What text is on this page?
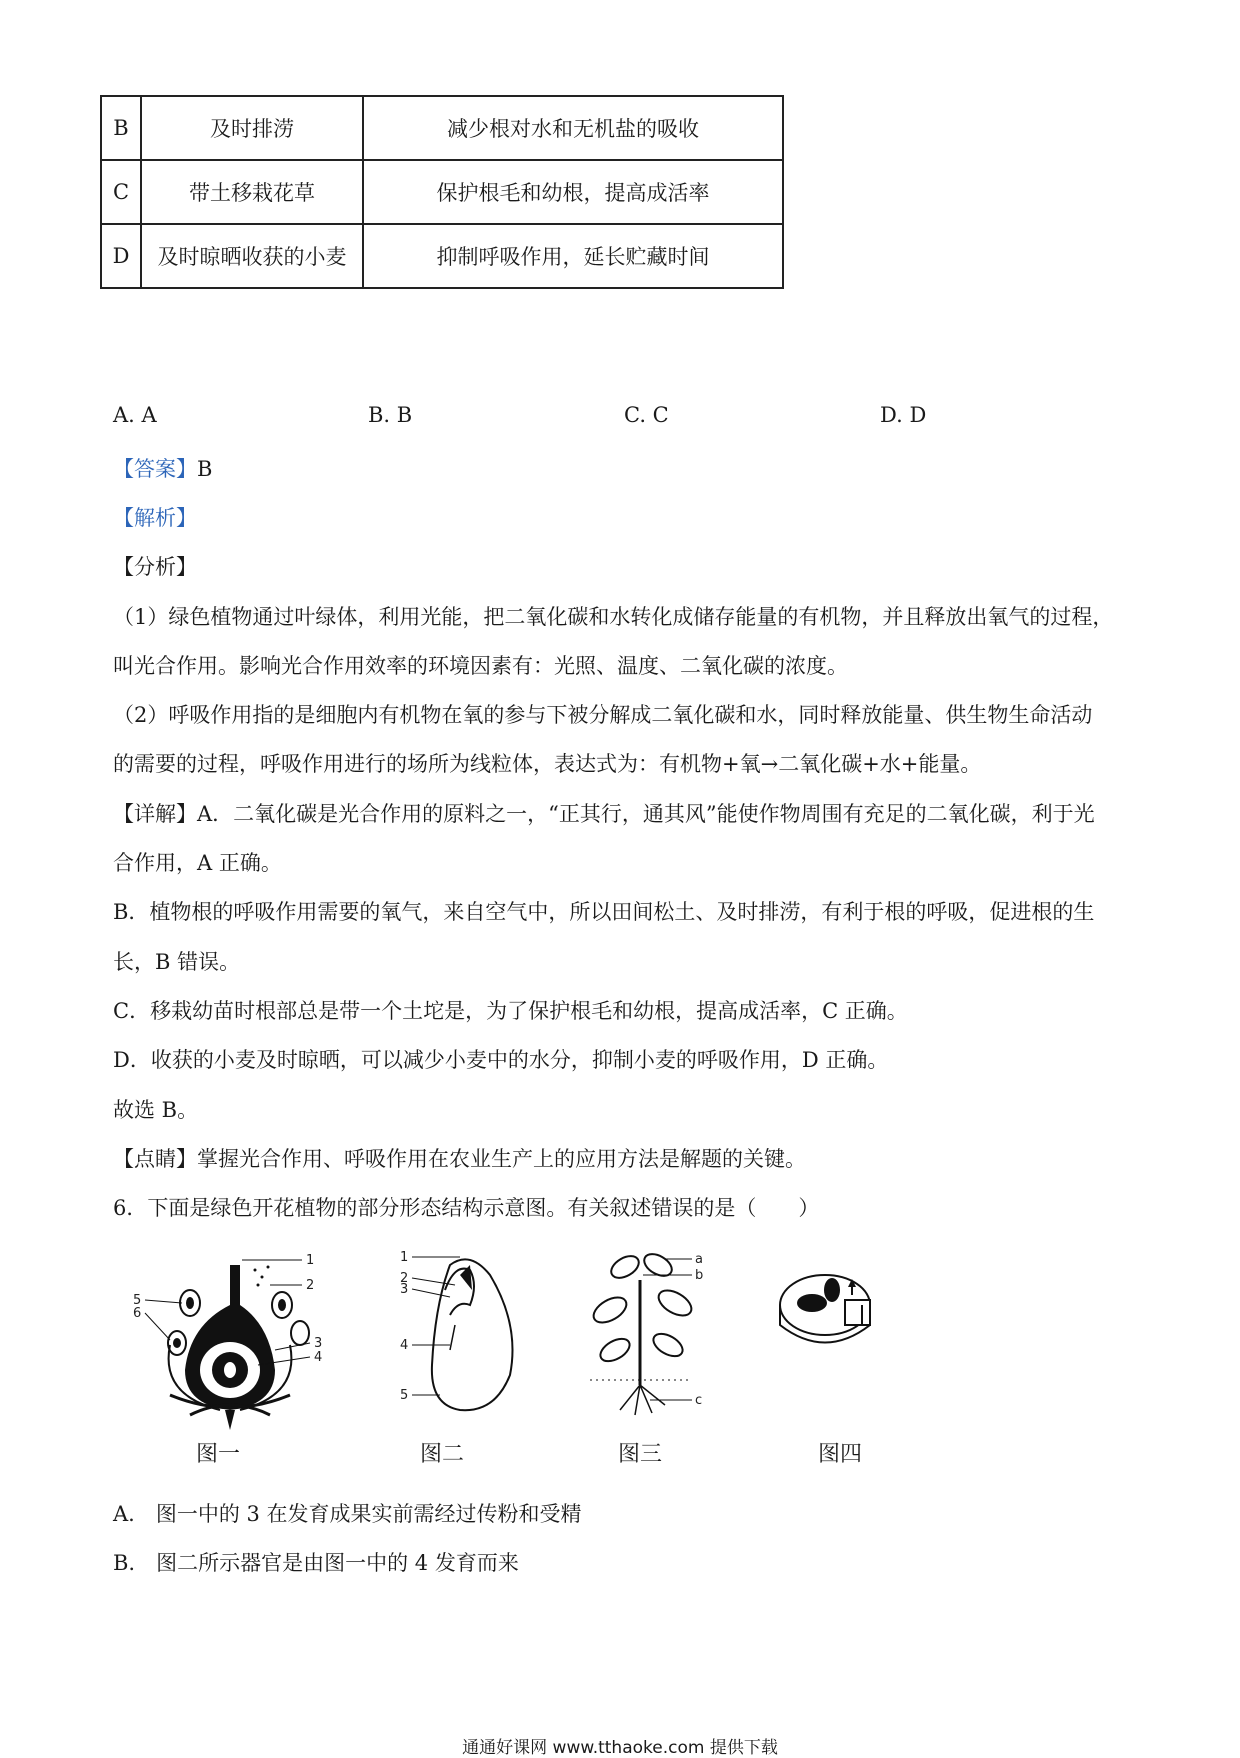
B	及时排涝	减少根对水和无机盐的吸收
C	带土移栽花草	保护根毛和幼根，提高成活率
D	及时晾晒收获的小麦	抑制呼吸作用，延长贮藏时间
A. A	B. B	C. C	D. D
【答案】B
【解析】
【分析】
（1）绿色植物通过叶绿体，利用光能，把二氧化碳和水转化成储存能量的有机物，并且释放出氧气的过程，
叫光合作用。影响光合作用效率的环境因素有：光照、温度、二氧化碳的浓度。
（2）呼吸作用指的是细胞内有机物在氧的参与下被分解成二氧化碳和水，同时释放能量、供生物生命活动
的需要的过程，呼吸作用进行的场所为线粒体，表达式为：有机物+氧→二氧化碳+水+能量。
【详解】A．二氧化碳是光合作用的原料之一，“正其行，通其风”能使作物周围有充足的二氧化碳，利于光
合作用，A 正确。
B．植物根的呼吸作用需要的氧气，来自空气中，所以田间松土、及时排涝，有利于根的呼吸，促进根的生
长，B 错误。
C．移栽幼苗时根部总是带一个土坨是，为了保护根毛和幼根，提高成活率，C 正确。
D．收获的小麦及时晾晒，可以减少小麦中的水分，抑制小麦的呼吸作用，D 正确。
故选 B。
【点睛】掌握光合作用、呼吸作用在农业生产上的应用方法是解题的关键。
6．下面是绿色开花植物的部分形态结构示意图。有关叙述错误的是（　　）
1
2
3
4
5
6
1
2
3
4
5
a
b
c
图一	图二	图三	图四
A.　图一中的 3 在发育成果实前需经过传粉和受精
B.　图二所示器官是由图一中的 4 发育而来
通通好课网 www.tthaoke.com 提供下载
